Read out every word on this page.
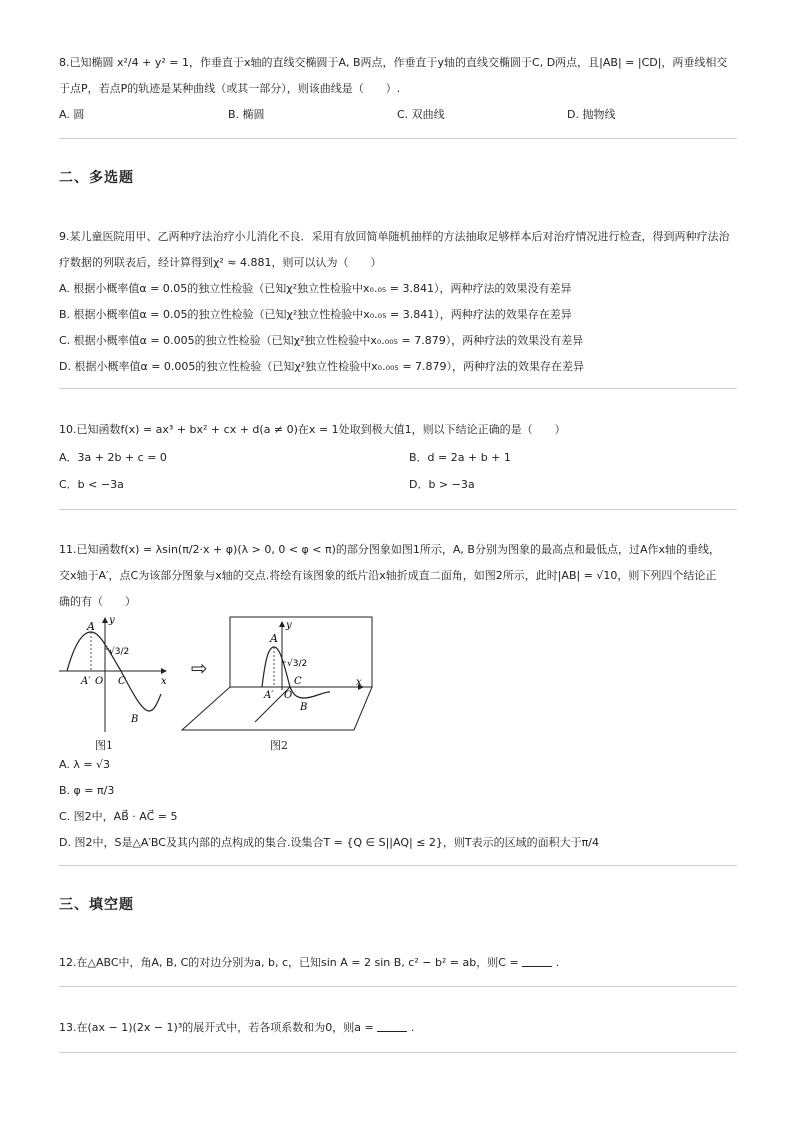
8.已知椭圆 x²/4 + y² = 1，作垂直于x轴的直线交椭圆于A, B两点，作垂直于y轴的直线交椭圆于C, D两点，且|AB| = |CD|，两垂线相交
于点P，若点P的轨迹是某种曲线（或其一部分），则该曲线是（　　）.
A. 圆	B. 椭圆	C. 双曲线	D. 抛物线
二、多选题
9.某儿童医院用甲、乙两种疗法治疗小儿消化不良．采用有放回简单随机抽样的方法抽取足够样本后对治疗情况进行检查，得到两种疗法治
疗数据的列联表后，经计算得到χ² ≈ 4.881，则可以认为（　　）
A. 根据小概率值α = 0.05的独立性检验（已知χ²独立性检验中x₀.₀₅ = 3.841），两种疗法的效果没有差异
B. 根据小概率值α = 0.05的独立性检验（已知χ²独立性检验中x₀.₀₅ = 3.841），两种疗法的效果存在差异
C. 根据小概率值α = 0.005的独立性检验（已知χ²独立性检验中x₀.₀₀₅ = 7.879），两种疗法的效果没有差异
D. 根据小概率值α = 0.005的独立性检验（已知χ²独立性检验中x₀.₀₀₅ = 7.879），两种疗法的效果存在差异
10.已知函数f(x) = ax³ + bx² + cx + d(a ≠ 0)在x = 1处取到极大值1，则以下结论正确的是（　　）
A．3a + 2b + c = 0	B．d = 2a + b + 1
C．b < −3a	D．b > −3a
11.已知函数f(x) = λsin(π/2·x + φ)(λ > 0, 0 < φ < π)的部分图象如图1所示，A, B分别为图象的最高点和最低点，过A作x轴的垂线，
交x轴于A′，点C为该部分图象与x轴的交点.将绘有该图象的纸片沿x轴折成直二面角，如图2所示，此时|AB| = √10，则下列四个结论正
确的有（　　）
A y
x
√3/2
A′ O C
B
图1
⇨
A
y
x
√3/2
A′ O
C
B
图2
A. λ = √3
B. φ = π/3
C. 图2中，AB⃗ · AC⃗ = 5
D. 图2中，S是△A′BC及其内部的点构成的集合.设集合T = {Q ∈ S||AQ| ≤ 2}，则T表示的区域的面积大于π/4
三、填空题
12.在△ABC中，角A, B, C的对边分别为a, b, c，已知sin A = 2 sin B, c² − b² = ab，则C =	.
13.在(ax − 1)(2x − 1)³的展开式中，若各项系数和为0，则a =	.
